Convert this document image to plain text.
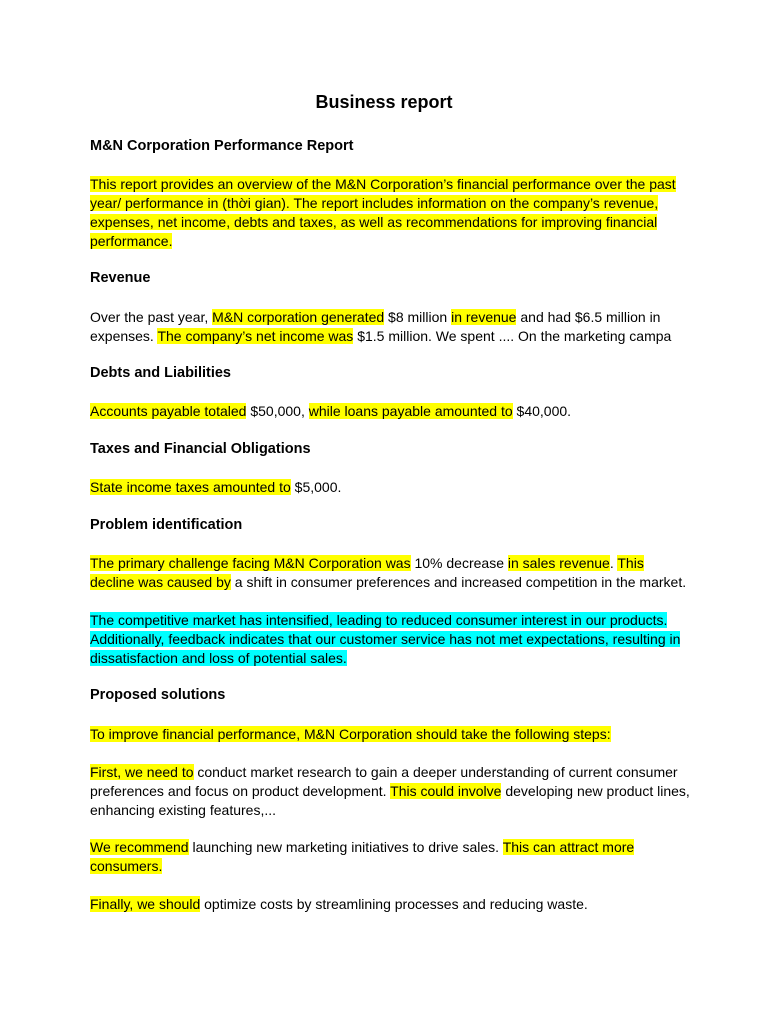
Business report
M&N Corporation Performance Report

This report provides an overview of the M&N Corporation’s financial performance over the past year/ performance in (thời gian). The report includes information on the company’s revenue, expenses, net income, debts and taxes, as well as recommendations for improving financial performance.

Revenue

Over the past year, M&N corporation generated $8 million in revenue and had $6.5 million in expenses. The company’s net income was $1.5 million. We spent .... On the marketing campa

Debts and Liabilities

Accounts payable totaled $50,000, while loans payable amounted to $40,000.

Taxes and Financial Obligations

State income taxes amounted to $5,000.

Problem identification

The primary challenge facing M&N Corporation was 10% decrease in sales revenue. This decline was caused by a shift in consumer preferences and increased competition in the market.

The competitive market has intensified, leading to reduced consumer interest in our products. Additionally, feedback indicates that our customer service has not met expectations, resulting in dissatisfaction and loss of potential sales.

Proposed solutions

To improve financial performance, M&N Corporation should take the following steps:

First, we need to conduct market research to gain a deeper understanding of current consumer preferences and focus on product development. This could involve developing new product lines, enhancing existing features,...

We recommend launching new marketing initiatives to drive sales. This can attract more consumers.

Finally, we should optimize costs by streamlining processes and reducing waste.
